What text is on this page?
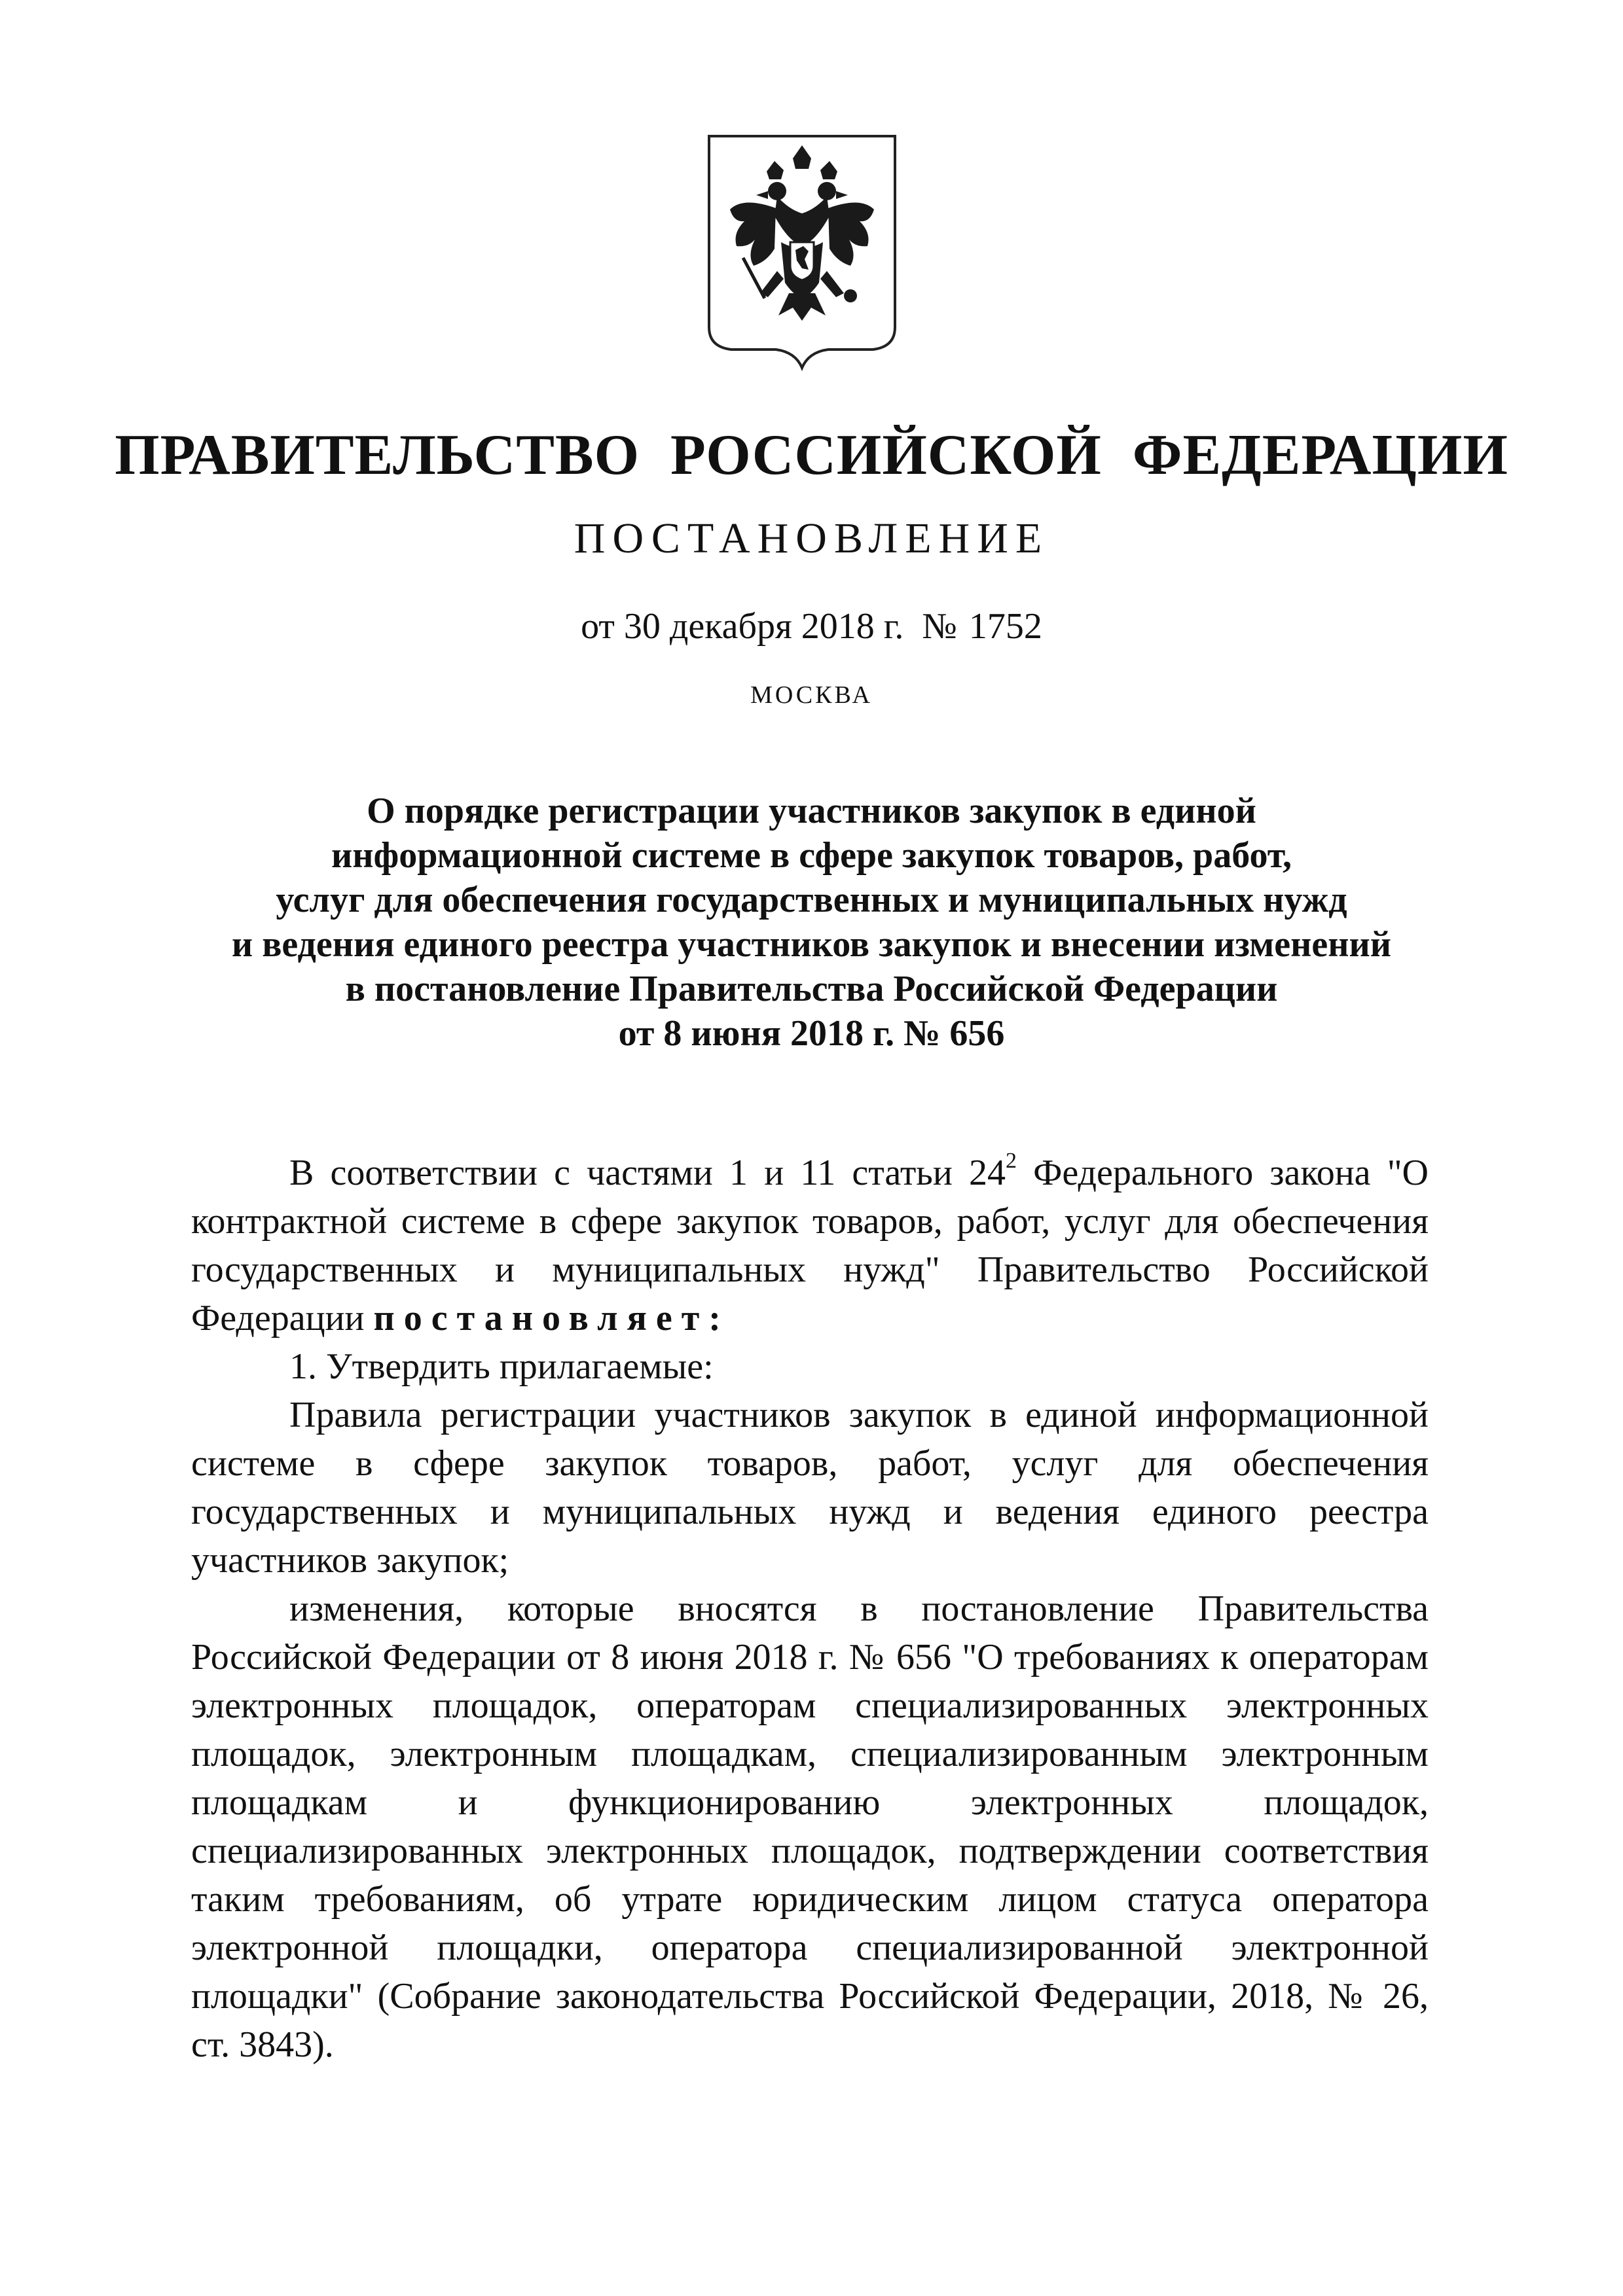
ПРАВИТЕЛЬСТВО РОССИЙСКОЙ ФЕДЕРАЦИИ
ПОСТАНОВЛЕНИЕ
от 30 декабря 2018 г. № 1752
МОСКВА
О порядке регистрации участников закупок в единой
информационной системе в сфере закупок товаров, работ,
услуг для обеспечения государственных и муниципальных нужд
и ведения единого реестра участников закупок и внесении изменений
в постановление Правительства Российской Федерации
от 8 июня 2018 г. № 656

В соответствии с частями 1 и 11 статьи $24^2$ Федерального закона "О контрактной системе в сфере закупок товаров, работ, услуг для обеспечения государственных и муниципальных нужд" Правительство Российской Федерации постановляет:

1. Утвердить прилагаемые:

Правила регистрации участников закупок в единой информационной системе в сфере закупок товаров, работ, услуг для обеспечения государственных и муниципальных нужд и ведения единого реестра участников закупок;

изменения, которые вносятся в постановление Правительства Российской Федерации от 8 июня 2018 г. № 656 "О требованиях к операторам электронных площадок, операторам специализированных электронных площадок, электронным площадкам, специализированным электронным площадкам и функционированию электронных площадок, специализированных электронных площадок, подтверждении соответствия таким требованиям, об утрате юридическим лицом статуса оператора электронной площадки, оператора специализированной электронной площадки" (Собрание законодательства Российской Федерации, 2018, № 26, ст. 3843).
